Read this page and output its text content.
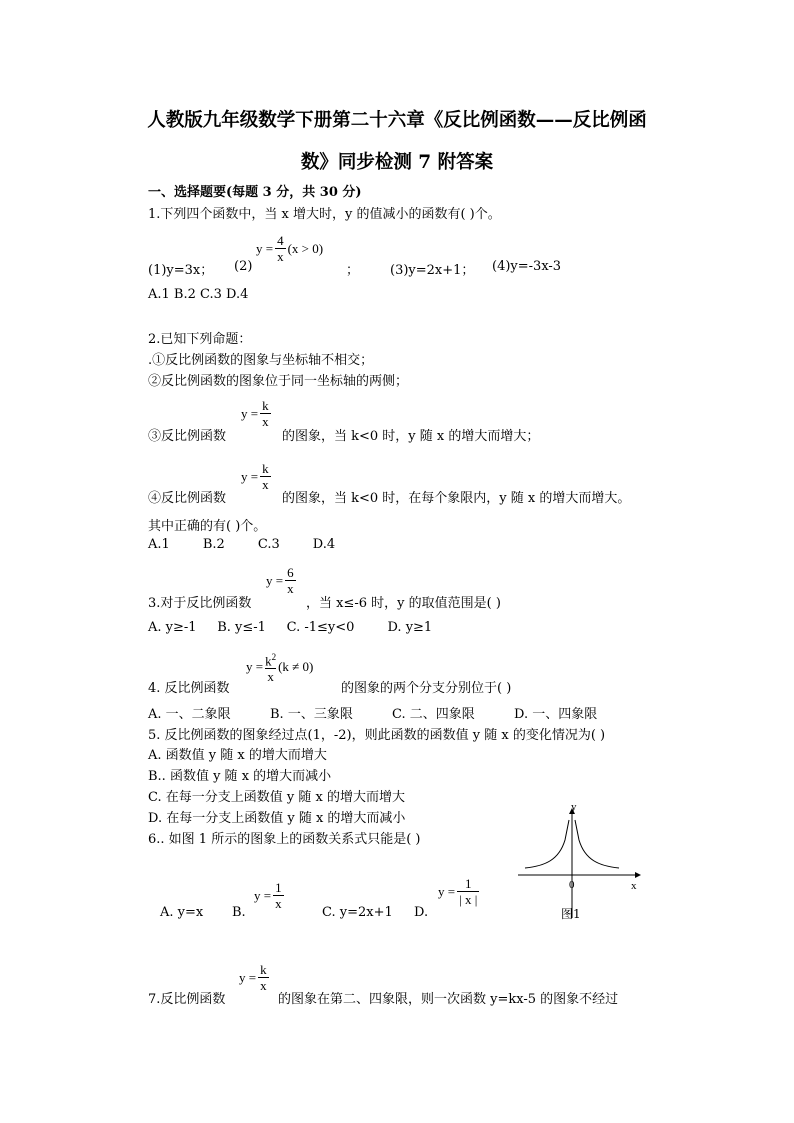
人教版九年级数学下册第二十六章《反比例函数——反比例函
数》同步检测 7 附答案
一、选择题要(每题 3 分，共 30 分)
1.下列四个函数中，当 x 增大时，y 的值减小的函数有( )个。
(1)y=3x； (2)
$y = \frac{4}{x} (x > 0)$
； (3)y=2x+1； (4)y=-3x-3
A.1 B.2 C.3 D.4
2.已知下列命题：
.①反比例函数的图象与坐标轴不相交；
②反比例函数的图象位于同一坐标轴的两侧；
$y = \frac{k}{x}$
③反比例函数	的图象，当 k<0 时，y 随 x 的增大而增大；
$y = \frac{k}{x}$
④反比例函数	的图象，当 k<0 时，在每个象限内，y 随 x 的增大而增大。
其中正确的有( )个。
A.1        B.2        C.3        D.4
$y = \frac{6}{x}$
3.对于反比例函数	，当 x≤-6 时，y 的取值范围是( )
A. y≥-1     B. y≤-1     C. -1≤y<0        D. y≥1
$y = \frac{k^2}{x} (k \ne 0)$
4. 反比例函数	的图象的两个分支分别位于( )
A. 一、二象限	B. 一、三象限	C. 二、四象限	D. 一、四象限
5. 反比例函数的图象经过点(1，-2)，则此函数的函数值 y 随 x 的变化情况为( )
A. 函数值 y 随 x 的增大而增大
B.. 函数值 y 随 x 的增大而减小
C. 在每一分支上函数值 y 随 x 的增大而增大
D. 在每一分支上函数值 y 随 x 的增大而减小
6.. 如图 1 所示的图象上的函数关系式只能是( )
y
x
0
图1
$y = \frac{1}{x}$	$y = \frac{1}{| x |}$
A. y=x B.	C. y=2x+1 D.
$y = \frac{k}{x}$
7.反比例函数	的图象在第二、四象限，则一次函数 y=kx-5 的图象不经过
